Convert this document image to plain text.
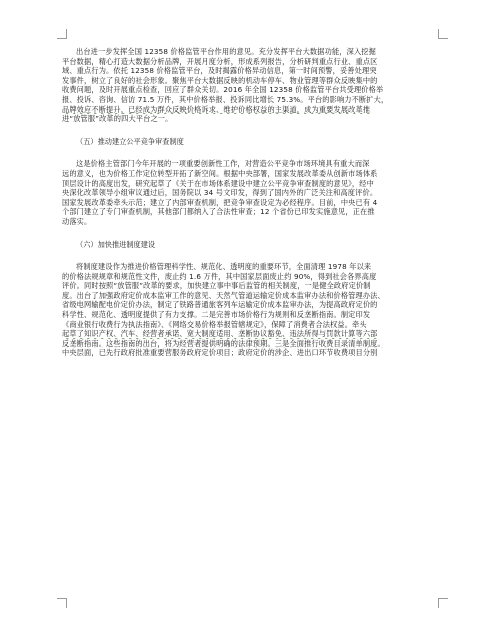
出台进一步发挥全国 12358 价格监管平台作用的意见。充分发挥平台大数据功能，深入挖掘
平台数据，精心打造大数据分析品牌，开展月度分析，形成系列报告，分析研判重点行业、重点区
域、重点行为。依托 12358 价格监管平台，及时揭露价格异动信息，第一时间预警，妥善处理突
发事件，树立了良好的社会形象。聚焦平台大数据反映的机动车停车、物业管理等群众反映集中的
收费问题，及时开展重点检查，回应了群众关切。2016 年全国 12358 价格监管平台共受理价格举
报、投诉、咨询、信访 71.5 万件，其中价格举报、投诉同比增长 75.3%。平台的影响力不断扩大，
品牌效应不断提升，已经成为群众反映价格诉求、维护价格权益的主渠道，成为重要发展改革推
进“放管服”改革的四大平台之一。
（五）推动建立公平竞争审查制度
这是价格主管部门今年开展的一项重要创新性工作，对营造公平竞争市场环境具有重大而深
远的意义，也为价格工作定位转型开拓了新空间。根据中央部署，国家发展改革委从创新市场体系
顶层设计的高度出发，研究起草了《关于在市场体系建设中建立公平竞争审查制度的意见》，经中
央深化改革领导小组审议通过后，国务院以 34 号文印发，得到了国内外的广泛关注和高度评价。
国家发展改革委牵头示范；建立了内部审查机制，把竞争审查设定为必经程序。目前，中央已有 4
个部门建立了专门审查机制，其他部门都纳入了合法性审查；12 个省份已印发实施意见，正在推
动落实。
（六）加快推进制度建设
将制度建设作为推进价格管理科学性、规范化、透明度的重要环节，全面清理 1978 年以来
的价格法规规章和规范性文件，废止约 1.6 万件，其中国家层面废止约 90%，得到社会各界高度
评价。同时按照“放管服”改革的要求，加快建立事中事后监管的相关制度，一是健全政府定价制
度。出台了加强政府定价成本监审工作的意见、天然气管道运输定价成本监审办法和价格管理办法、
省级电网输配电价定价办法，制定了铁路普通旅客列车运输定价成本监审办法，为提高政府定价的
科学性、规范化、透明度提供了有力支撑。二是完善市场价格行为规则和反垄断指南。制定印发
《商业银行收费行为执法指南》、《网络交易价格举报管辖规定》，保障了消费者合法权益。牵头
起草了知识产权、汽车、经营者承诺、宽大制度适用、垄断协议豁免、违法所得与罚款计算等六部
反垄断指南。这些指南的出台，将为经营者提供明确的法律预期。三是全面推行收费目录清单制度。
中央层面，已先行政府批准重要营服务政府定价项目；政府定价的涉企、进出口环节收费项目分别
